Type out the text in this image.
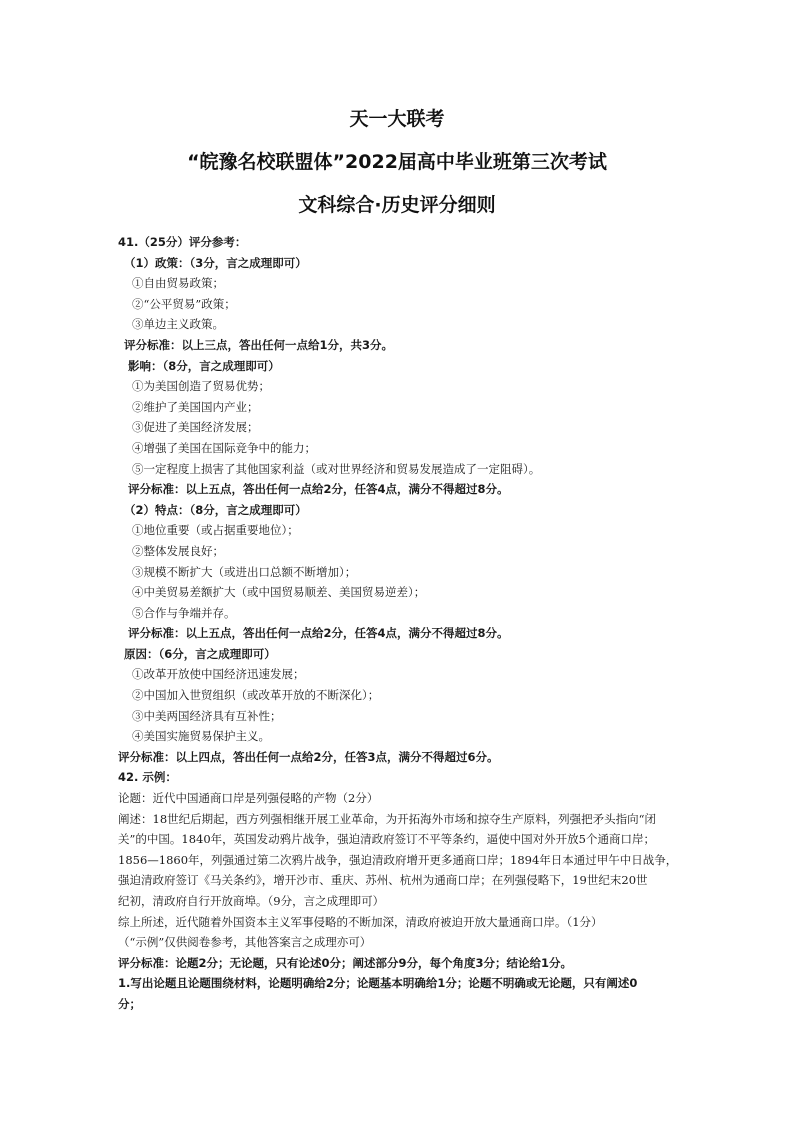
天一大联考
“皖豫名校联盟体”2022届高中毕业班第三次考试
文科综合·历史评分细则
41.（25分）评分参考：
（1）政策：（3分，言之成理即可）
①自由贸易政策；
②“公平贸易”政策；
③单边主义政策。
评分标准：以上三点，答出任何一点给1分，共3分。
影响：（8分，言之成理即可）
①为美国创造了贸易优势；
②维护了美国国内产业；
③促进了美国经济发展；
④增强了美国在国际竞争中的能力；
⑤一定程度上损害了其他国家利益（或对世界经济和贸易发展造成了一定阻碍）。
评分标准：以上五点，答出任何一点给2分，任答4点，满分不得超过8分。
（2）特点：（8分，言之成理即可）
①地位重要（或占据重要地位）；
②整体发展良好；
③规模不断扩大（或进出口总额不断增加）；
④中美贸易差额扩大（或中国贸易顺差、美国贸易逆差）；
⑤合作与争端并存。
评分标准：以上五点，答出任何一点给2分，任答4点，满分不得超过8分。
原因：（6分，言之成理即可）
①改革开放使中国经济迅速发展；
②中国加入世贸组织（或改革开放的不断深化）；
③中美两国经济具有互补性；
④美国实施贸易保护主义。
评分标准：以上四点，答出任何一点给2分，任答3点，满分不得超过6分。
42. 示例：
论题：近代中国通商口岸是列强侵略的产物（2分）
阐述：18世纪后期起，西方列强相继开展工业革命，为开拓海外市场和掠夺生产原料，列强把矛头指向“闭
关”的中国。1840年，英国发动鸦片战争，强迫清政府签订不平等条约，逼使中国对外开放5个通商口岸；
1856—1860年，列强通过第二次鸦片战争，强迫清政府增开更多通商口岸；1894年日本通过甲午中日战争，
强迫清政府签订《马关条约》，增开沙市、重庆、苏州、杭州为通商口岸；在列强侵略下，19世纪末20世
纪初，清政府自行开放商埠。（9分，言之成理即可）
综上所述，近代随着外国资本主义军事侵略的不断加深，清政府被迫开放大量通商口岸。（1分）
（“示例”仅供阅卷参考，其他答案言之成理亦可）
评分标准：论题2分；无论题，只有论述0分；阐述部分9分，每个角度3分；结论给1分。
1.写出论题且论题围绕材料，论题明确给2分；论题基本明确给1分；论题不明确或无论题，只有阐述0
分；
